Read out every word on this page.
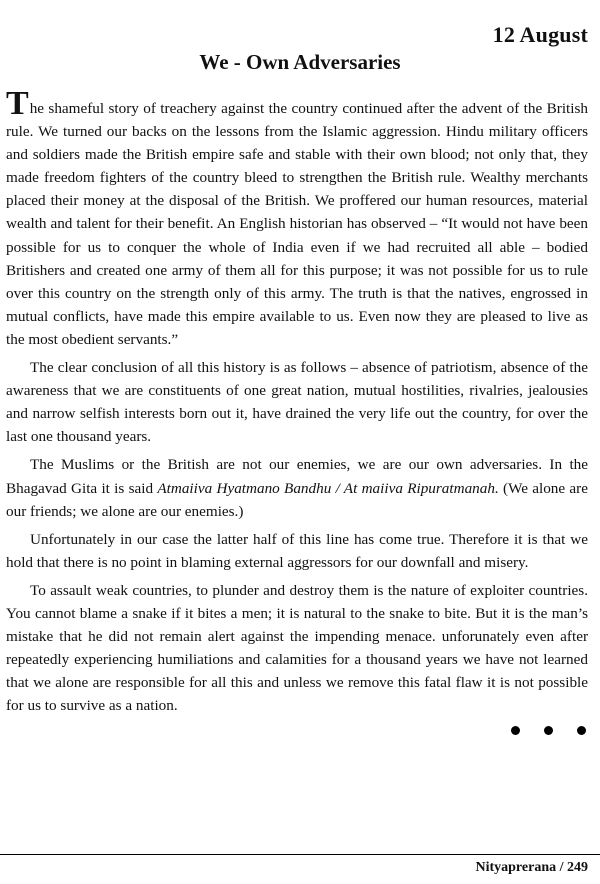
12 August
We - Own Adversaries

The shameful story of treachery against the country continued after the advent of the British rule. We turned our backs on the lessons from the Islamic aggression. Hindu military officers and soldiers made the British empire safe and stable with their own blood; not only that, they made freedom fighters of the country bleed to strengthen the British rule. Wealthy merchants placed their money at the disposal of the British. We proffered our human resources, material wealth and talent for their benefit. An English historian has observed – “It would not have been possible for us to conquer the whole of India even if we had recruited all able – bodied Britishers and created one army of them all for this purpose; it was not possible for us to rule over this country on the strength only of this army. The truth is that the natives, engrossed in mutual conflicts, have made this empire available to us. Even now they are pleased to live as the most obedient servants.”

The clear conclusion of all this history is as follows – absence of patriotism, absence of the awareness that we are constituents of one great nation, mutual hostilities, rivalries, jealousies and narrow selfish interests born out it, have drained the very life out the country, for over the last one thousand years.

The Muslims or the British are not our enemies, we are our own adversaries. In the Bhagavad Gita it is said Atmaiiva Hyatmano Bandhu / At maiiva Ripuratmanah. (We alone are our friends; we alone are our enemies.)

Unfortunately in our case the latter half of this line has come true. Therefore it is that we hold that there is no point in blaming external aggressors for our downfall and misery.

To assault weak countries, to plunder and destroy them is the nature of exploiter countries. You cannot blame a snake if it bites a men; it is natural to the snake to bite. But it is the man’s mistake that he did not remain alert against the impending menace. unforunately even after repeatedly experiencing humiliations and calamities for a thousand years we have not learned that we alone are responsible for all this and unless we remove this fatal flaw it is not possible for us to survive as a nation.

Nityaprerana / 249
